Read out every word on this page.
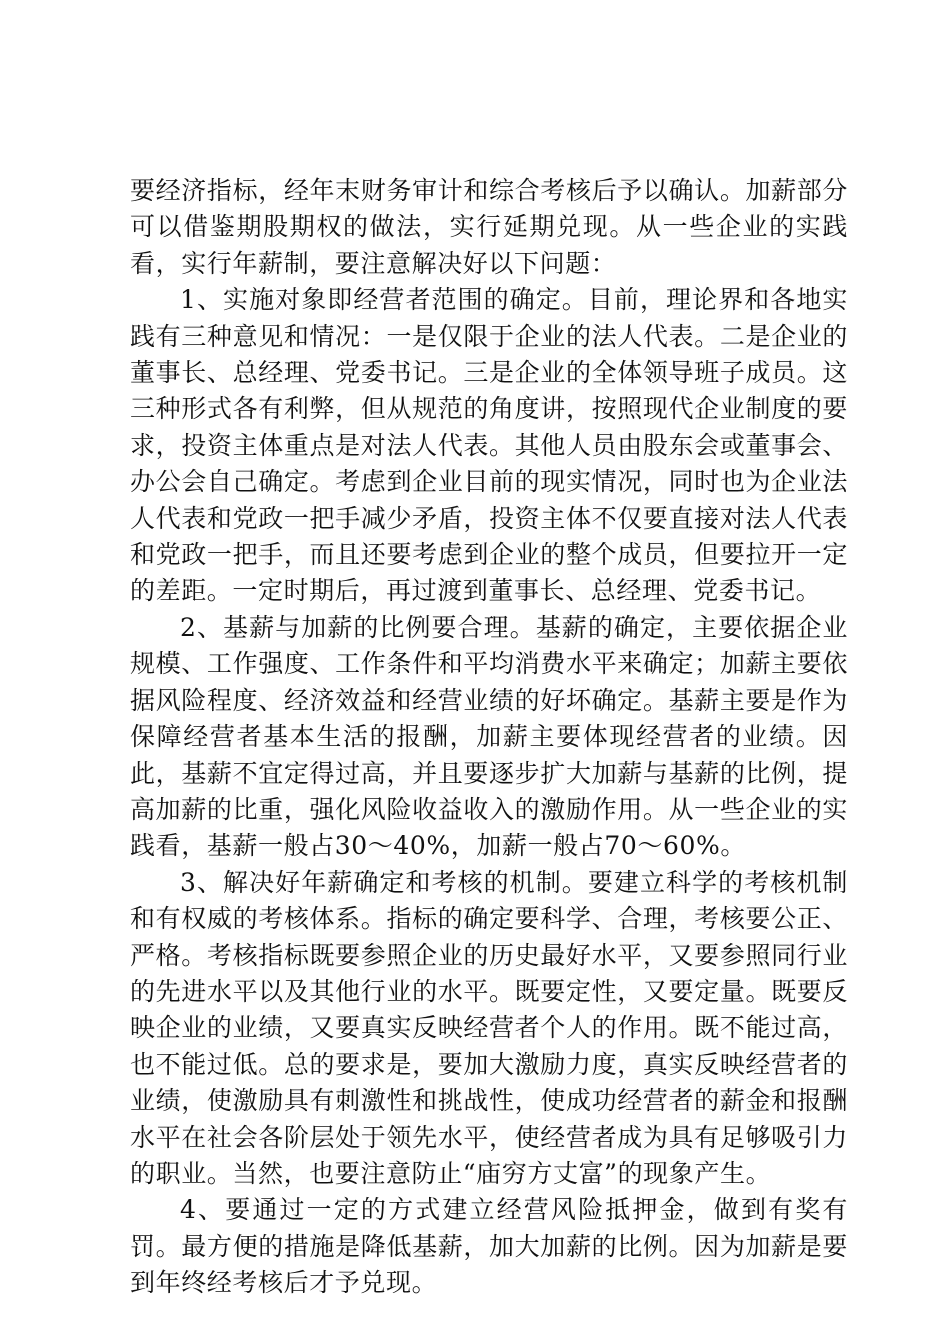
要经济指标，经年末财务审计和综合考核后予以确认。加薪部分可以借鉴期股期权的做法，实行延期兑现。从一些企业的实践看，实行年薪制，要注意解决好以下问题：

1、实施对象即经营者范围的确定。目前，理论界和各地实践有三种意见和情况：一是仅限于企业的法人代表。二是企业的董事长、总经理、党委书记。三是企业的全体领导班子成员。这三种形式各有利弊，但从规范的角度讲，按照现代企业制度的要求，投资主体重点是对法人代表。其他人员由股东会或董事会、办公会自己确定。考虑到企业目前的现实情况，同时也为企业法人代表和党政一把手减少矛盾，投资主体不仅要直接对法人代表和党政一把手，而且还要考虑到企业的整个成员，但要拉开一定的差距。一定时期后，再过渡到董事长、总经理、党委书记。

2、基薪与加薪的比例要合理。基薪的确定，主要依据企业规模、工作强度、工作条件和平均消费水平来确定；加薪主要依据风险程度、经济效益和经营业绩的好坏确定。基薪主要是作为保障经营者基本生活的报酬，加薪主要体现经营者的业绩。因此，基薪不宜定得过高，并且要逐步扩大加薪与基薪的比例，提高加薪的比重，强化风险收益收入的激励作用。从一些企业的实践看，基薪一般占30～40%，加薪一般占70～60%。

3、解决好年薪确定和考核的机制。要建立科学的考核机制和有权威的考核体系。指标的确定要科学、合理，考核要公正、严格。考核指标既要参照企业的历史最好水平，又要参照同行业的先进水平以及其他行业的水平。既要定性，又要定量。既要反映企业的业绩，又要真实反映经营者个人的作用。既不能过高，也不能过低。总的要求是，要加大激励力度，真实反映经营者的业绩，使激励具有刺激性和挑战性，使成功经营者的薪金和报酬水平在社会各阶层处于领先水平，使经营者成为具有足够吸引力的职业。当然，也要注意防止“庙穷方丈富”的现象产生。

4、要通过一定的方式建立经营风险抵押金，做到有奖有罚。最方便的措施是降低基薪，加大加薪的比例。因为加薪是要到年终经考核后才予兑现。
